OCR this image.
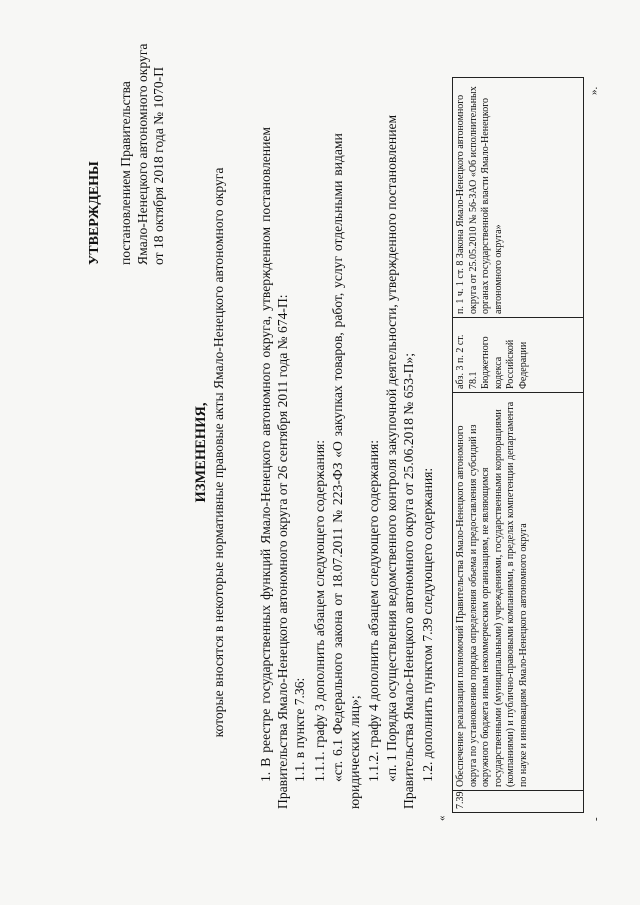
УТВЕРЖДЕНЫ постановлением Правительства Ямало-Ненецкого автономного округа от 18 октября 2018 года № 1070-П
ИЗМЕНЕНИЯ, которые вносятся в некоторые нормативные правовые акты Ямало-Ненецкого автономного округа 1. В реестре государственных функций Ямало-Ненецкого автономного округа, утвержденном постановлением Правительства Ямало-Ненецкого автономного округа от 26 сентября 2011 года № 674-П: 1.1. в пункте 7.36: 1.1.1. графу 3 дополнить абзацем следующего содержания: «ст. 6.1 Федерального закона от 18.07.2011 № 223-ФЗ «О закупках товаров, работ, услуг отдельными видами юридических лиц»; 1.1.2. графу 4 дополнить абзацем следующего содержания: «п. 1 Порядка осуществления ведомственного контроля закупочной деятельности, утвержденного постановлением Правительства Ямало-Ненецкого автономного округа от 25.06.2018 № 653-П»; 1.2. дополнить пунктом 7.39 следующего содержания:
«	-
7.39.	Обеспечение реализации полномочий Правительства Ямало-Ненецкого автономного округа по установлению порядка определения объема и предоставления субсидий из окружного бюджета иным некоммерческим организациям, не являющимся государственными (муниципальными) учреждениями, государственными корпорациями (компаниями) и публично-правовыми компаниями, в пределах компетенции департамента по науке и инновациям Ямало-Ненецкого автономного округа	абз. 3 п. 2 ст. 78.1 Бюджетного кодекса Российской Федерации	п. 1 ч. 1 ст. 8 Закона Ямало-Ненецкого автономного округа от 25.05.2010 № 56-ЗАО «Об исполнительных органах государственной власти Ямало-Ненецкого автономного округа»
».
